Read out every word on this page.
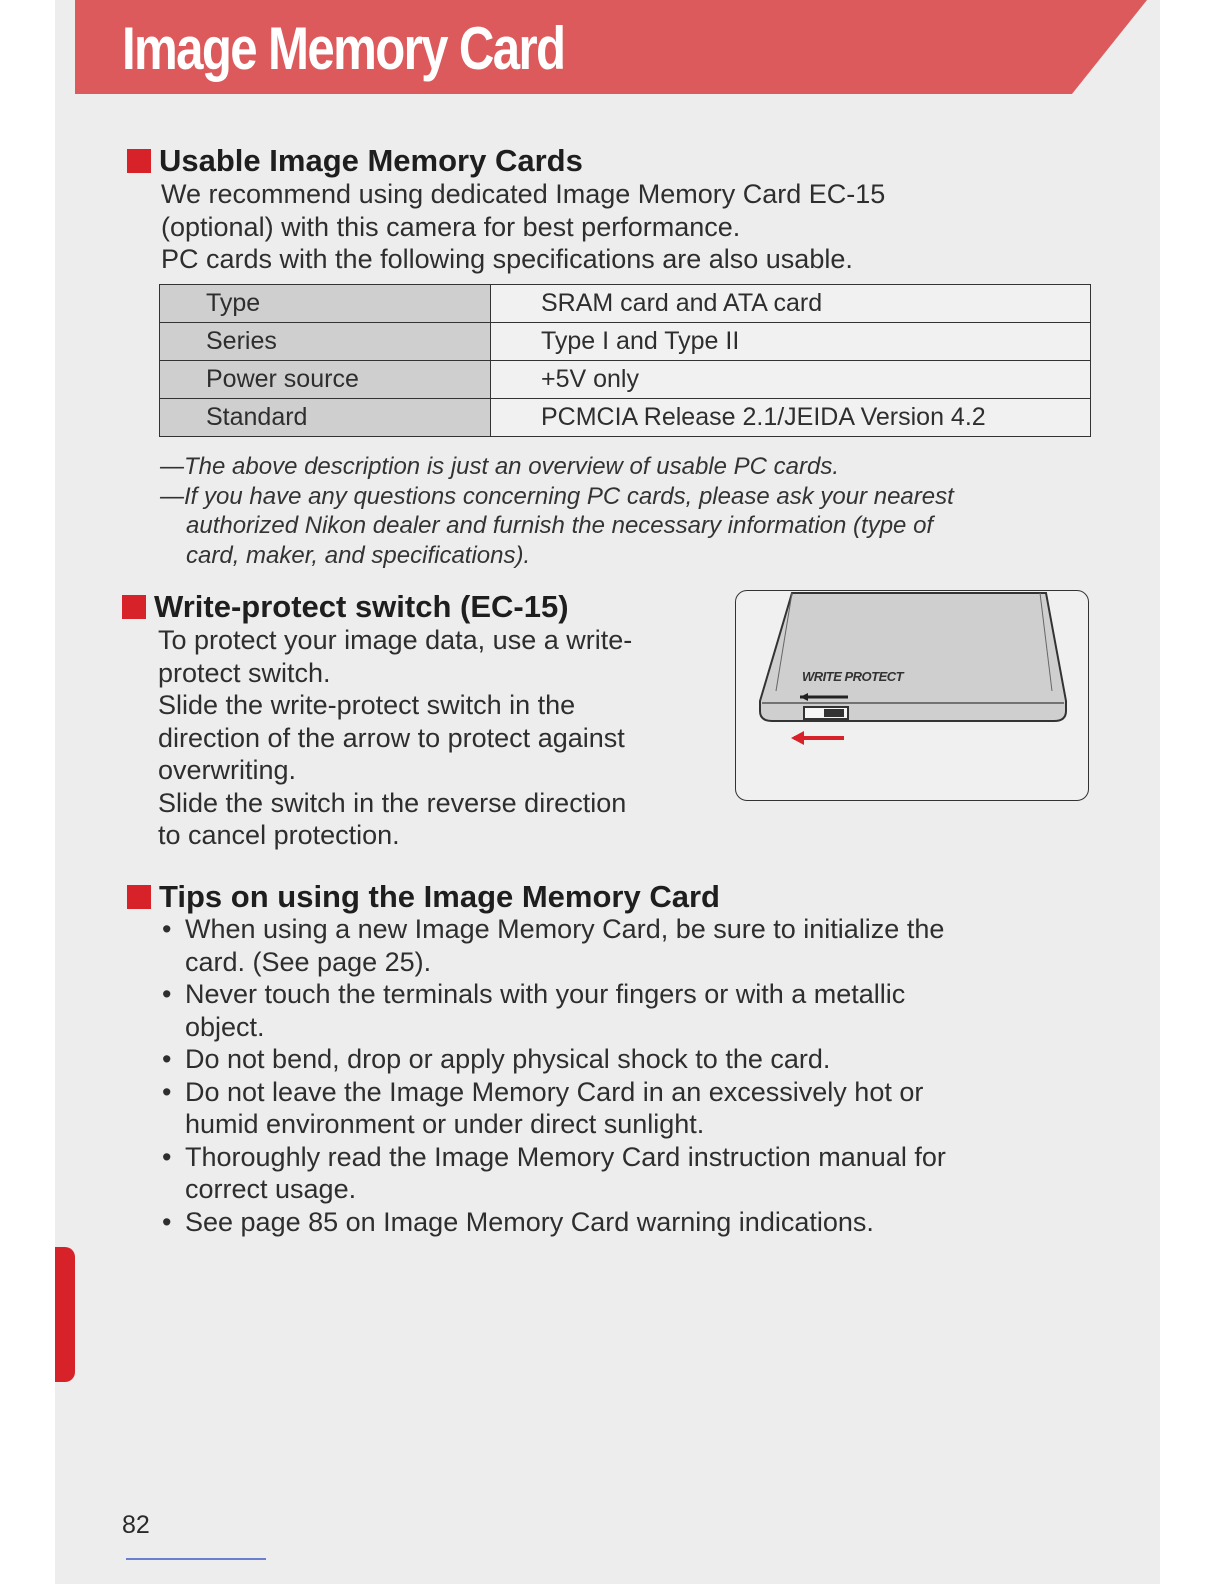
Image Memory Card
Usable Image Memory Cards
We recommend using dedicated Image Memory Card EC-15
(optional) with this camera for best performance.
PC cards with the following specifications are also usable.
Type	SRAM card and ATA card
Series	Type I and Type II
Power source	+5V only
Standard	PCMCIA Release 2.1/JEIDA Version 4.2
—The above description is just an overview of usable PC cards.
—If you have any questions concerning PC cards, please ask your nearest
authorized Nikon dealer and furnish the necessary information (type of
card, maker, and specifications).
Write-protect switch (EC-15)
To protect your image data, use a write-
protect switch.
Slide the write-protect switch in the
direction of the arrow to protect against
overwriting.
Slide the switch in the reverse direction
to cancel protection.

WRITE PROTECT

Tips on using the Image Memory Card
• When using a new Image Memory Card, be sure to initialize the
card. (See page 25).
• Never touch the terminals with your fingers or with a metallic
object.
• Do not bend, drop or apply physical shock to the card.
• Do not leave the Image Memory Card in an excessively hot or
humid environment or under direct sunlight.
• Thoroughly read the Image Memory Card instruction manual for
correct usage.
• See page 85 on Image Memory Card warning indications.

82
